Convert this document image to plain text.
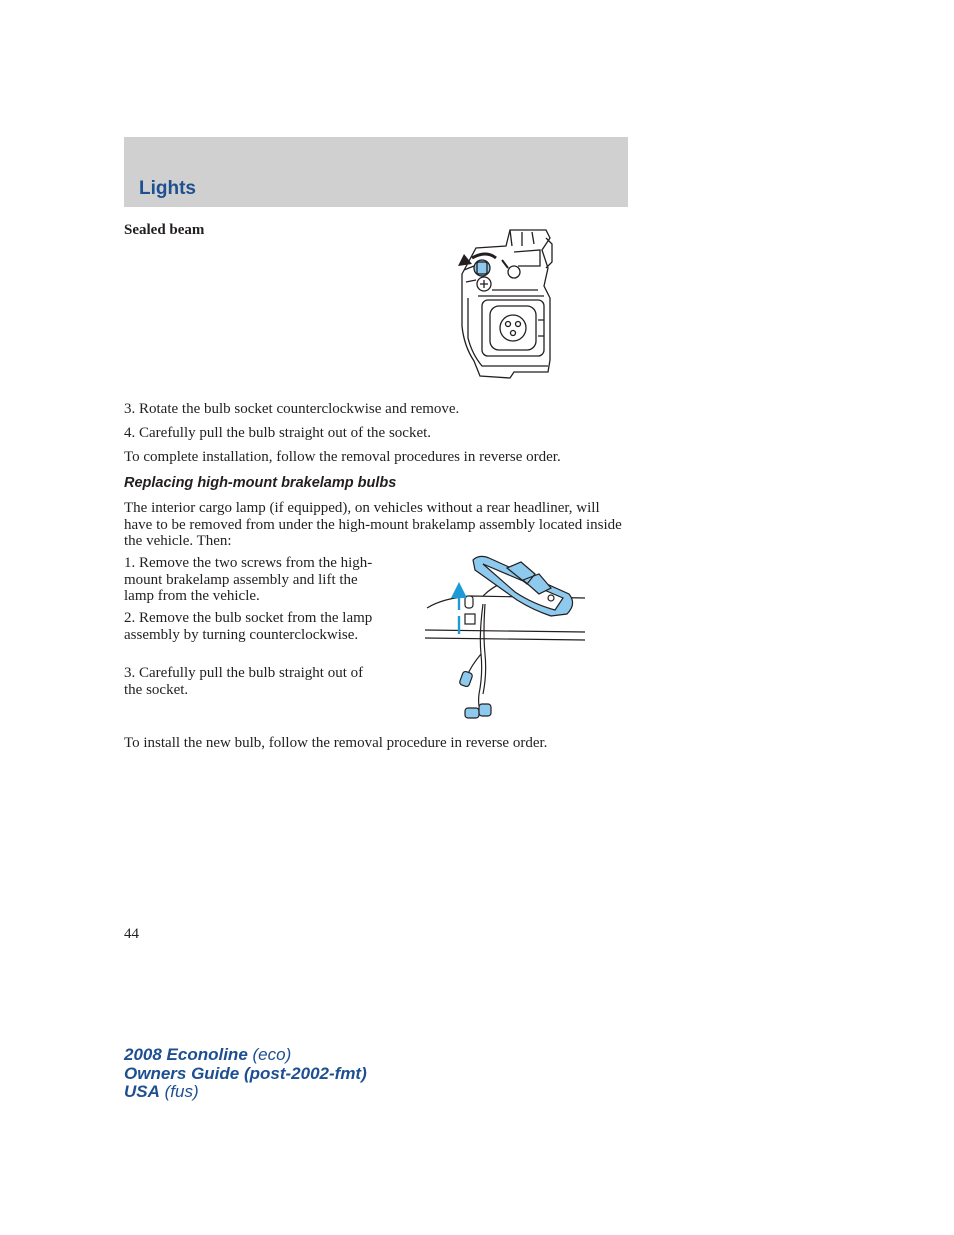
Lights

Sealed beam

3. Rotate the bulb socket counterclockwise and remove.

4. Carefully pull the bulb straight out of the socket.

To complete installation, follow the removal procedures in reverse order.

Replacing high-mount brakelamp bulbs

The interior cargo lamp (if equipped), on vehicles without a rear headliner, will have to be removed from under the high-mount brakelamp assembly located inside the vehicle. Then:

1. Remove the two screws from the high-mount brakelamp assembly and lift the lamp from the vehicle.

2. Remove the bulb socket from the lamp assembly by turning counterclockwise.

3. Carefully pull the bulb straight out of the socket.

To install the new bulb, follow the removal procedure in reverse order.

44

2008 Econoline (eco)
Owners Guide (post-2002-fmt)
USA (fus)
